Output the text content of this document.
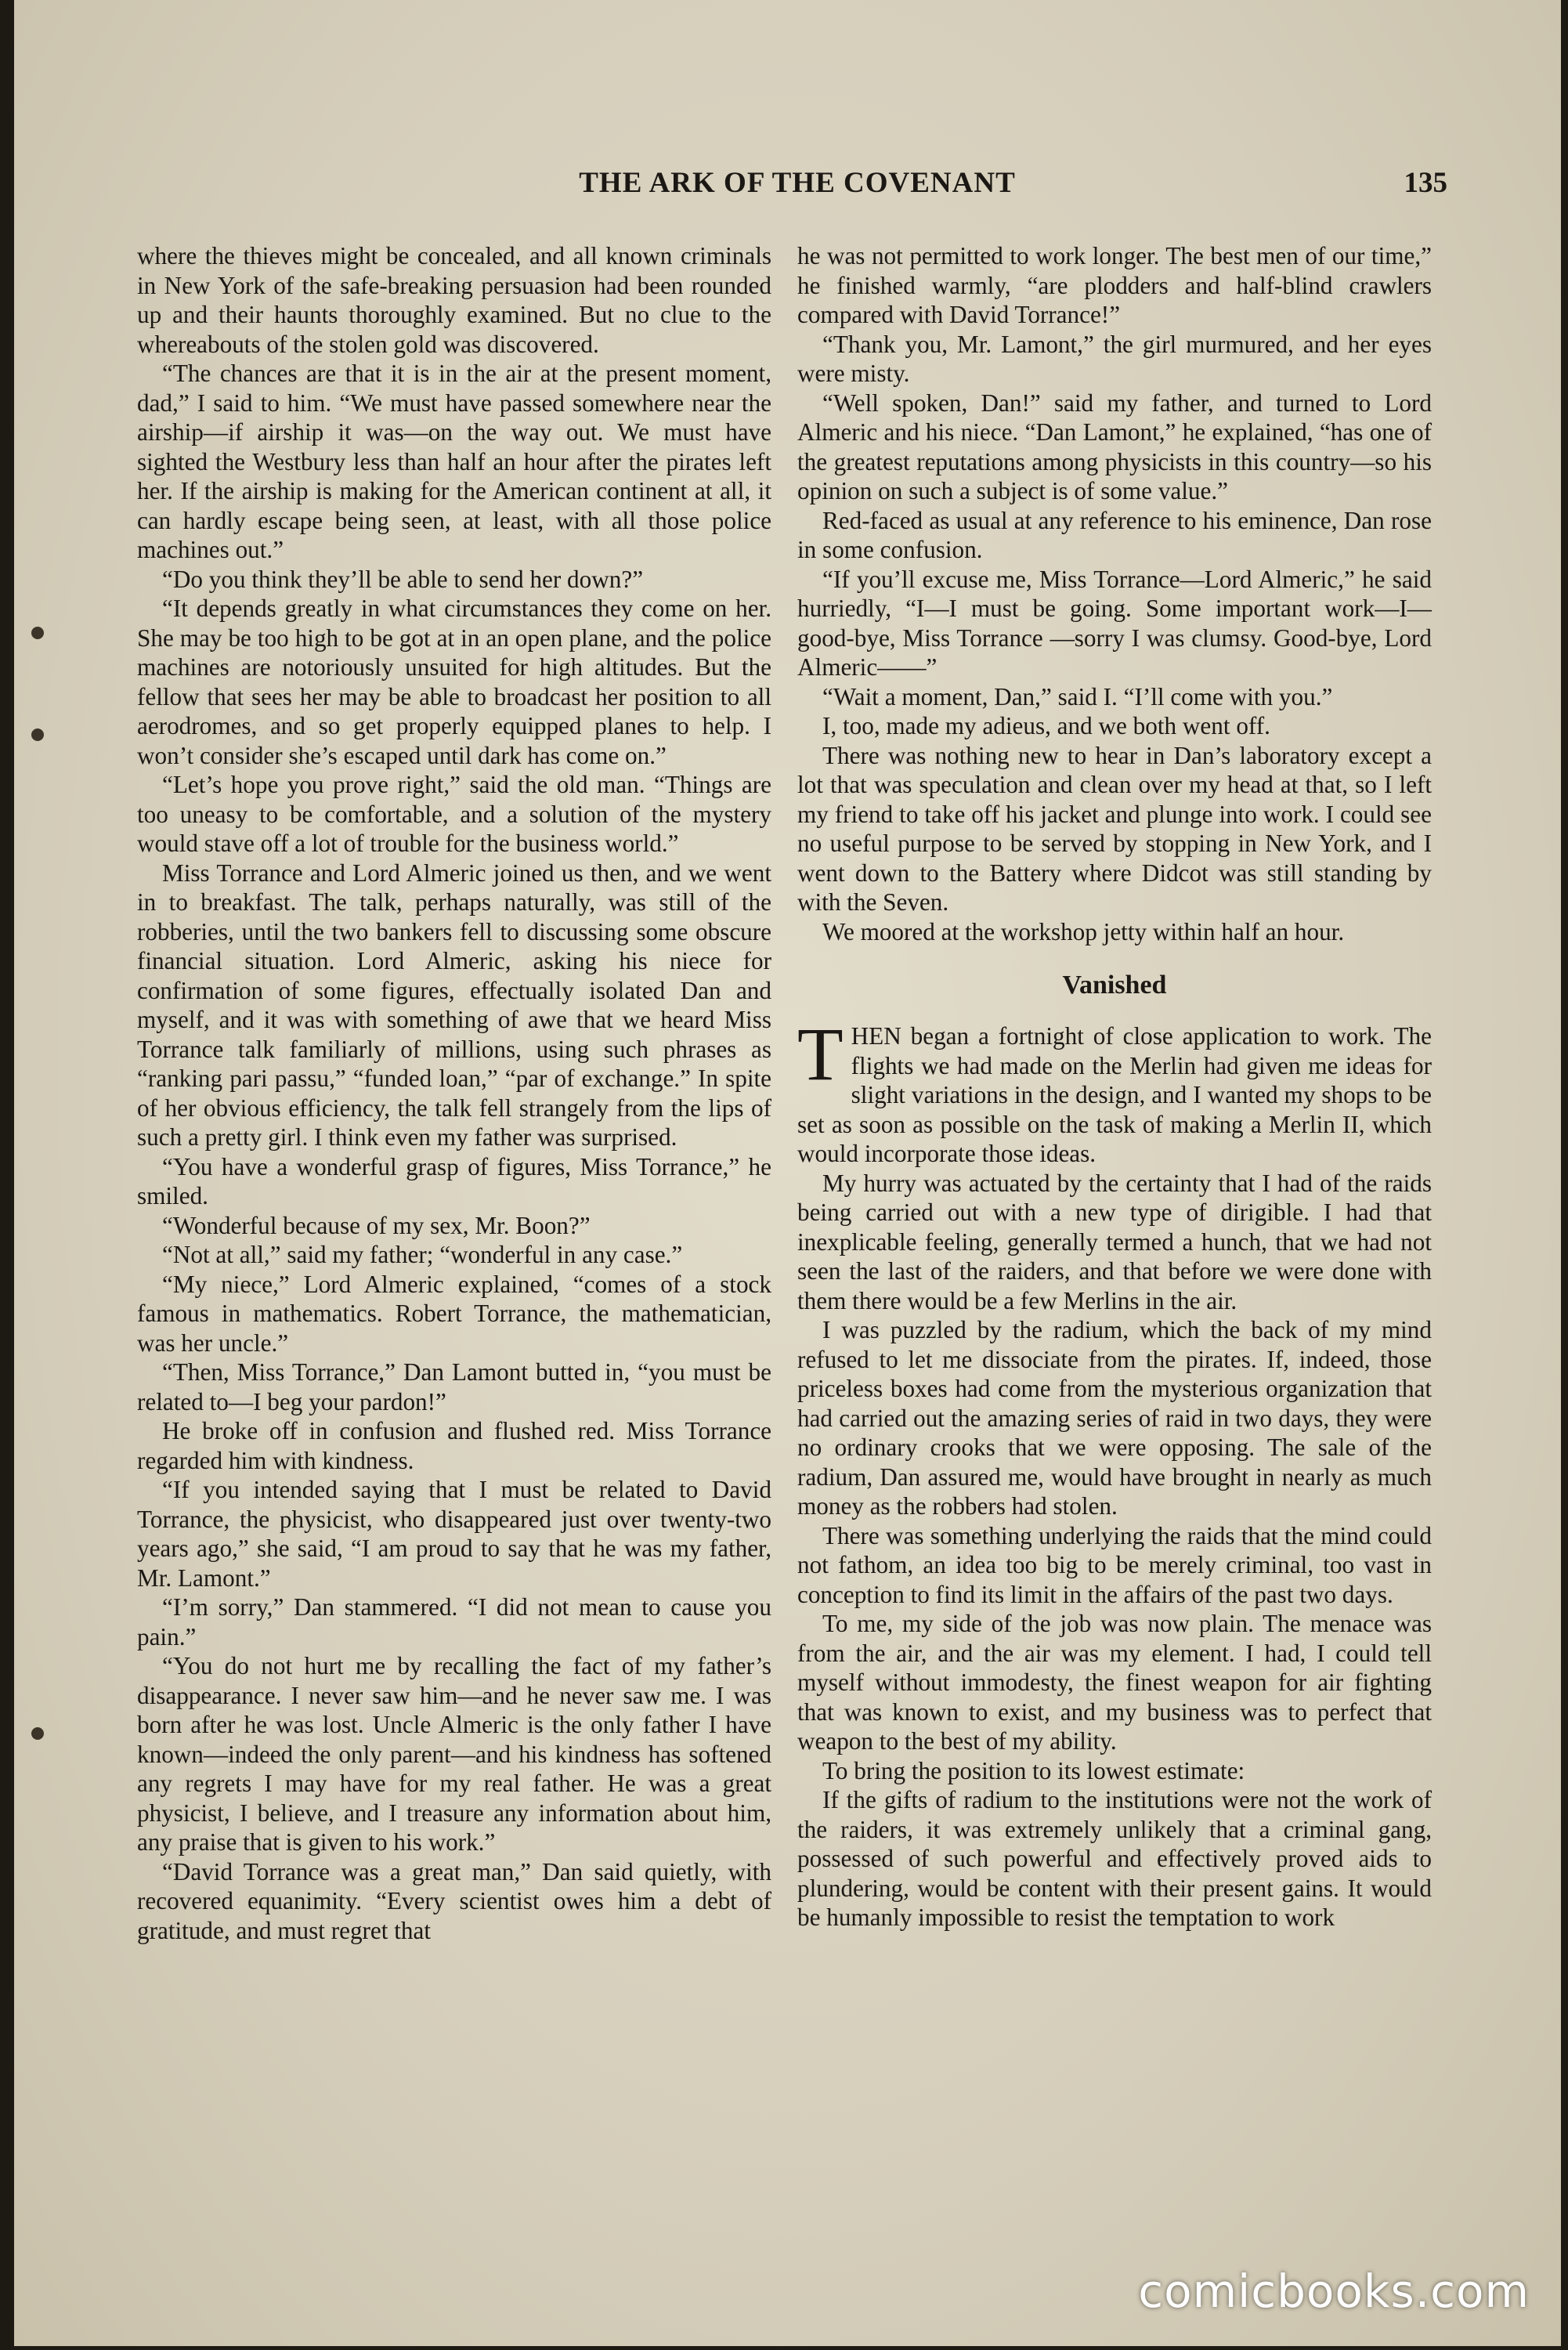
THE ARK OF THE COVENANT	135

where the thieves might be concealed, and all known criminals in New York of the safe-breaking persuasion had been rounded up and their haunts thoroughly examined. But no clue to the whereabouts of the stolen gold was discovered.

“The chances are that it is in the air at the present moment, dad,” I said to him. “We must have passed somewhere near the airship—if airship it was—on the way out. We must have sighted the Westbury less than half an hour after the pirates left her. If the airship is making for the American continent at all, it can hardly escape being seen, at least, with all those police machines out.”

“Do you think they’ll be able to send her down?”

“It depends greatly in what circumstances they come on her. She may be too high to be got at in an open plane, and the police machines are notoriously unsuited for high altitudes. But the fellow that sees her may be able to broadcast her position to all aerodromes, and so get properly equipped planes to help. I won’t consider she’s escaped until dark has come on.”

“Let’s hope you prove right,” said the old man. “Things are too uneasy to be comfortable, and a solution of the mystery would stave off a lot of trouble for the business world.”

Miss Torrance and Lord Almeric joined us then, and we went in to breakfast. The talk, perhaps naturally, was still of the robberies, until the two bankers fell to discussing some obscure financial situation. Lord Almeric, asking his niece for confirmation of some figures, effectually isolated Dan and myself, and it was with something of awe that we heard Miss Torrance talk familiarly of millions, using such phrases as “ranking pari passu,” “funded loan,” “par of exchange.” In spite of her obvious efficiency, the talk fell strangely from the lips of such a pretty girl. I think even my father was surprised.

“You have a wonderful grasp of figures, Miss Torrance,” he smiled.

“Wonderful because of my sex, Mr. Boon?”

“Not at all,” said my father; “wonderful in any case.”

“My niece,” Lord Almeric explained, “comes of a stock famous in mathematics. Robert Torrance, the mathematician, was her uncle.”

“Then, Miss Torrance,” Dan Lamont butted in, “you must be related to—I beg your pardon!”

He broke off in confusion and flushed red. Miss Torrance regarded him with kindness.

“If you intended saying that I must be related to David Torrance, the physicist, who disappeared just over twenty-two years ago,” she said, “I am proud to say that he was my father, Mr. Lamont.”

“I’m sorry,” Dan stammered. “I did not mean to cause you pain.”

“You do not hurt me by recalling the fact of my father’s disappearance. I never saw him—and he never saw me. I was born after he was lost. Uncle Almeric is the only father I have known—indeed the only parent—and his kindness has softened any regrets I may have for my real father. He was a great physicist, I believe, and I treasure any information about him, any praise that is given to his work.”

“David Torrance was a great man,” Dan said quietly, with recovered equanimity. “Every scientist owes him a debt of gratitude, and must regret that

he was not permitted to work longer. The best men of our time,” he finished warmly, “are plodders and half-blind crawlers compared with David Torrance!”

“Thank you, Mr. Lamont,” the girl murmured, and her eyes were misty.

“Well spoken, Dan!” said my father, and turned to Lord Almeric and his niece. “Dan Lamont,” he explained, “has one of the greatest reputations among physicists in this country—so his opinion on such a subject is of some value.”

Red-faced as usual at any reference to his eminence, Dan rose in some confusion.

“If you’ll excuse me, Miss Torrance—Lord Almeric,” he said hurriedly, “I—I must be going. Some important work—I—good-bye, Miss Torrance —sorry I was clumsy. Good-bye, Lord Almeric——”

“Wait a moment, Dan,” said I. “I’ll come with you.”

I, too, made my adieus, and we both went off.

There was nothing new to hear in Dan’s laboratory except a lot that was speculation and clean over my head at that, so I left my friend to take off his jacket and plunge into work. I could see no useful purpose to be served by stopping in New York, and I went down to the Battery where Didcot was still standing by with the Seven.

We moored at the workshop jetty within half an hour.

Vanished

THEN began a fortnight of close application to work. The flights we had made on the Merlin had given me ideas for slight variations in the design, and I wanted my shops to be set as soon as possible on the task of making a Merlin II, which would incorporate those ideas.

My hurry was actuated by the certainty that I had of the raids being carried out with a new type of dirigible. I had that inexplicable feeling, generally termed a hunch, that we had not seen the last of the raiders, and that before we were done with them there would be a few Merlins in the air.

I was puzzled by the radium, which the back of my mind refused to let me dissociate from the pirates. If, indeed, those priceless boxes had come from the mysterious organization that had carried out the amazing series of raid in two days, they were no ordinary crooks that we were opposing. The sale of the radium, Dan assured me, would have brought in nearly as much money as the robbers had stolen.

There was something underlying the raids that the mind could not fathom, an idea too big to be merely criminal, too vast in conception to find its limit in the affairs of the past two days.

To me, my side of the job was now plain. The menace was from the air, and the air was my element. I had, I could tell myself without immodesty, the finest weapon for air fighting that was known to exist, and my business was to perfect that weapon to the best of my ability.

To bring the position to its lowest estimate:

If the gifts of radium to the institutions were not the work of the raiders, it was extremely unlikely that a criminal gang, possessed of such powerful and effectively proved aids to plundering, would be content with their present gains. It would be humanly impossible to resist the temptation to work

comicbooks.com
